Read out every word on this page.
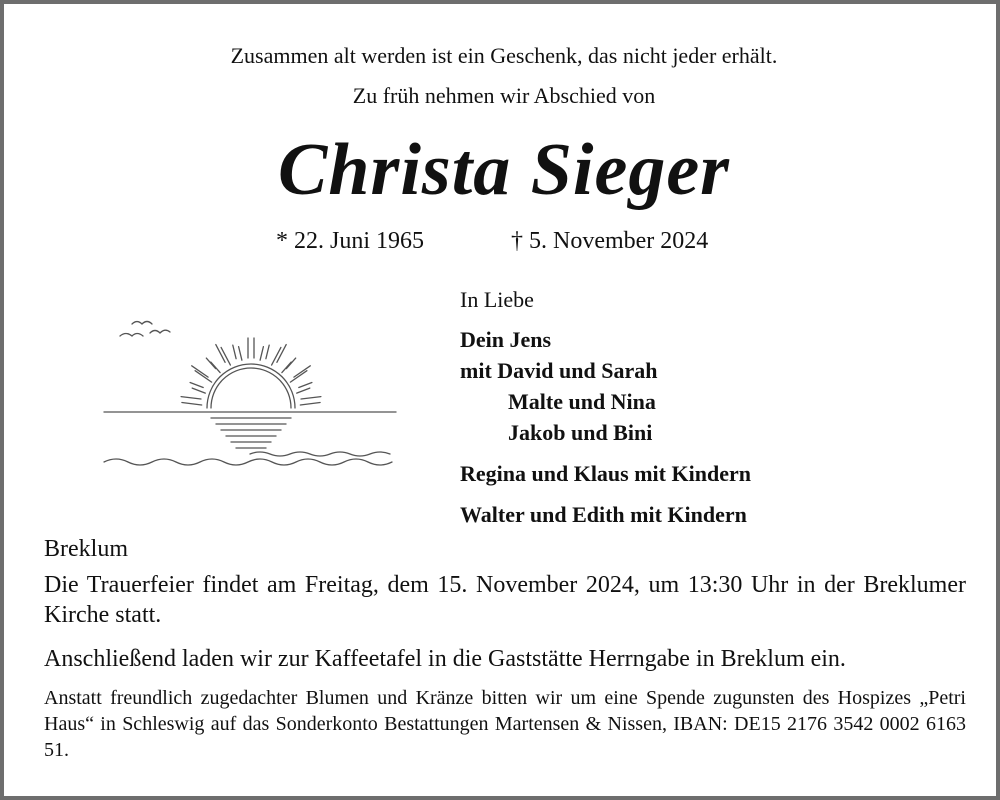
Zusammen alt werden ist ein Geschenk, das nicht jeder erhält.
Zu früh nehmen wir Abschied von
Christa Sieger
* 22. Juni 1965	† 5. November 2024
In Liebe
Dein Jens
mit David und Sarah
Malte und Nina
Jakob und Bini
Regina und Klaus mit Kindern
Walter und Edith mit Kindern
Breklum
Die Trauerfeier findet am Freitag, dem 15. November 2024, um 13:30 Uhr in der Breklumer Kirche statt.
Anschließend laden wir zur Kaffeetafel in die Gaststätte Herrngabe in Breklum ein.
Anstatt freundlich zugedachter Blumen und Kränze bitten wir um eine Spende zugunsten des Hospizes „Petri Haus“ in Schleswig auf das Sonderkonto Bestattungen Martensen & Nissen, IBAN: DE15 2176 3542 0002 6163 51.
